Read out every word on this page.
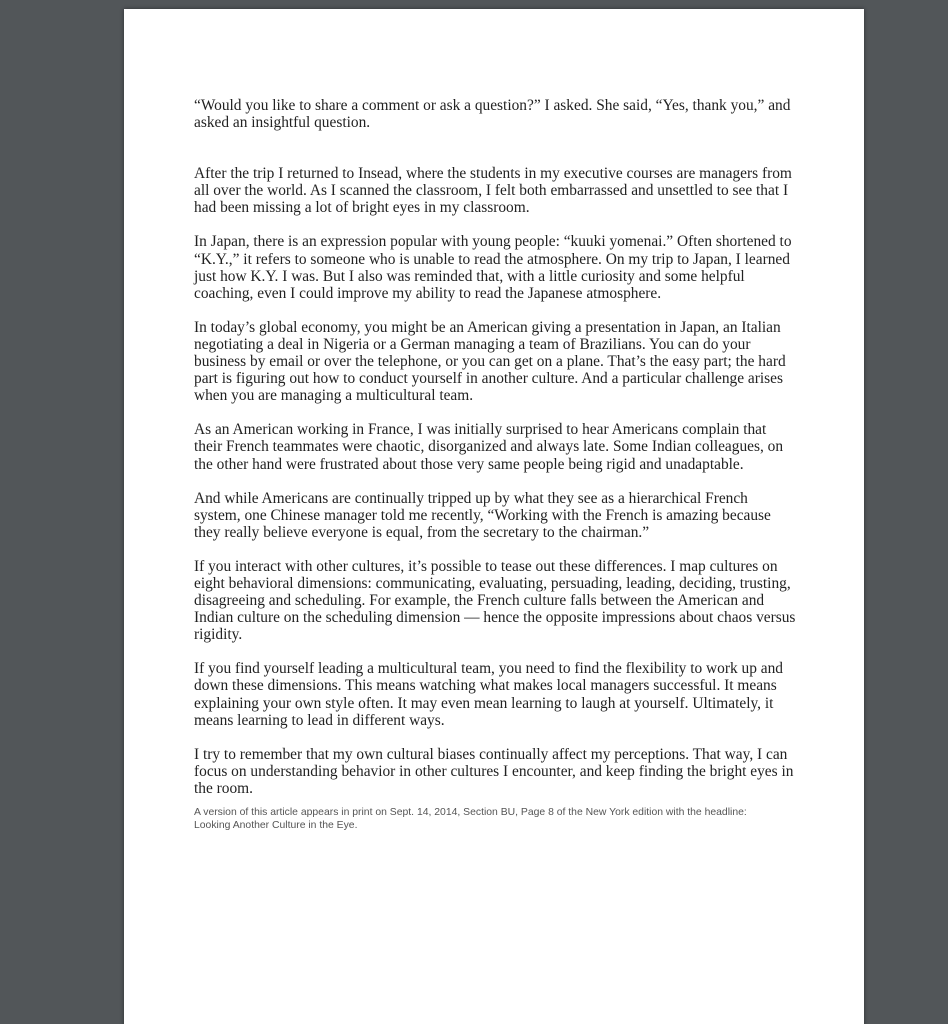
“Would you like to share a comment or ask a question?” I asked. She said, “Yes, thank you,” and asked an insightful question.

After the trip I returned to Insead, where the students in my executive courses are managers from all over the world. As I scanned the classroom, I felt both embarrassed and unsettled to see that I had been missing a lot of bright eyes in my classroom.

In Japan, there is an expression popular with young people: “kuuki yomenai.” Often shortened to “K.Y.,” it refers to someone who is unable to read the atmosphere. On my trip to Japan, I learned just how K.Y. I was. But I also was reminded that, with a little curiosity and some helpful coaching, even I could improve my ability to read the Japanese atmosphere.

In today’s global economy, you might be an American giving a presentation in Japan, an Italian negotiating a deal in Nigeria or a German managing a team of Brazilians. You can do your business by email or over the telephone, or you can get on a plane. That’s the easy part; the hard part is figuring out how to conduct yourself in another culture. And a particular challenge arises when you are managing a multicultural team.

As an American working in France, I was initially surprised to hear Americans complain that their French teammates were chaotic, disorganized and always late. Some Indian colleagues, on the other hand were frustrated about those very same people being rigid and unadaptable.

And while Americans are continually tripped up by what they see as a hierarchical French system, one Chinese manager told me recently, “Working with the French is amazing because they really believe everyone is equal, from the secretary to the chairman.”

If you interact with other cultures, it’s possible to tease out these differences. I map cultures on eight behavioral dimensions: communicating, evaluating, persuading, leading, deciding, trusting, disagreeing and scheduling. For example, the French culture falls between the American and Indian culture on the scheduling dimension — hence the opposite impressions about chaos versus rigidity.

If you find yourself leading a multicultural team, you need to find the flexibility to work up and down these dimensions. This means watching what makes local managers successful. It means explaining your own style often. It may even mean learning to laugh at yourself. Ultimately, it means learning to lead in different ways.

I try to remember that my own cultural biases continually affect my perceptions. That way, I can focus on understanding behavior in other cultures I encounter, and keep finding the bright eyes in the room.

A version of this article appears in print on Sept. 14, 2014, Section BU, Page 8 of the New York edition with the headline: Looking Another Culture in the Eye.
